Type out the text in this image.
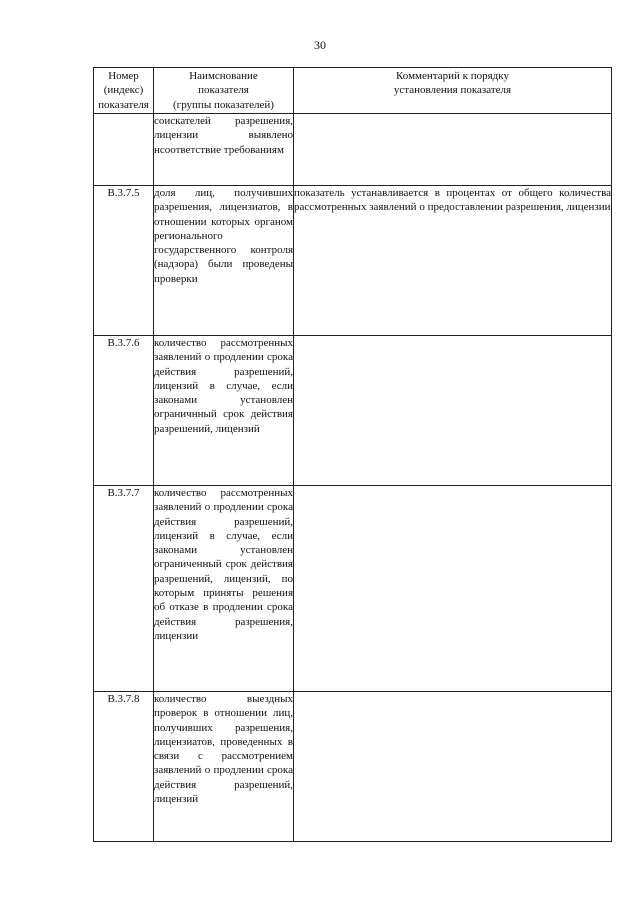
30
Номер
(индекс)
показателя	Наимснование
показателя
(группы показателей)	Комментарий к порядку
установления показателя

	соискателей разрешения, лицензии выявлено нсоответствие требованиям	
В.3.7.5	доля лиц, получивших разрешения, лицензиатов, в отношении которых органом регионального государственного контроля (надзора) были проведены проверки	показатель устанавливается в процентах от общего количества рассмотренных заявлений о предоставлении разрешения, лицензии
В.3.7.6	количество рассмотренных заявлений о продлении срока действия разрешений, лицензий в случае, если законами установлен ограничнный срок действия разрешений, лицензий	
В.3.7.7	количество рассмотренных заявлений о продлении срока действия разрешений, лицензий в случае, если законами установлен ограниченный срок действия разрешений, лицензий, по которым приняты решения об отказе в продлении срока действия разрешения, лицензии	
В.3.7.8	количество выездных проверок в отношении лиц, получивших разрешения, лицензиатов, проведенных в связи с рассмотрением заявлений о продлении срока действия разрешений, лицензий	
